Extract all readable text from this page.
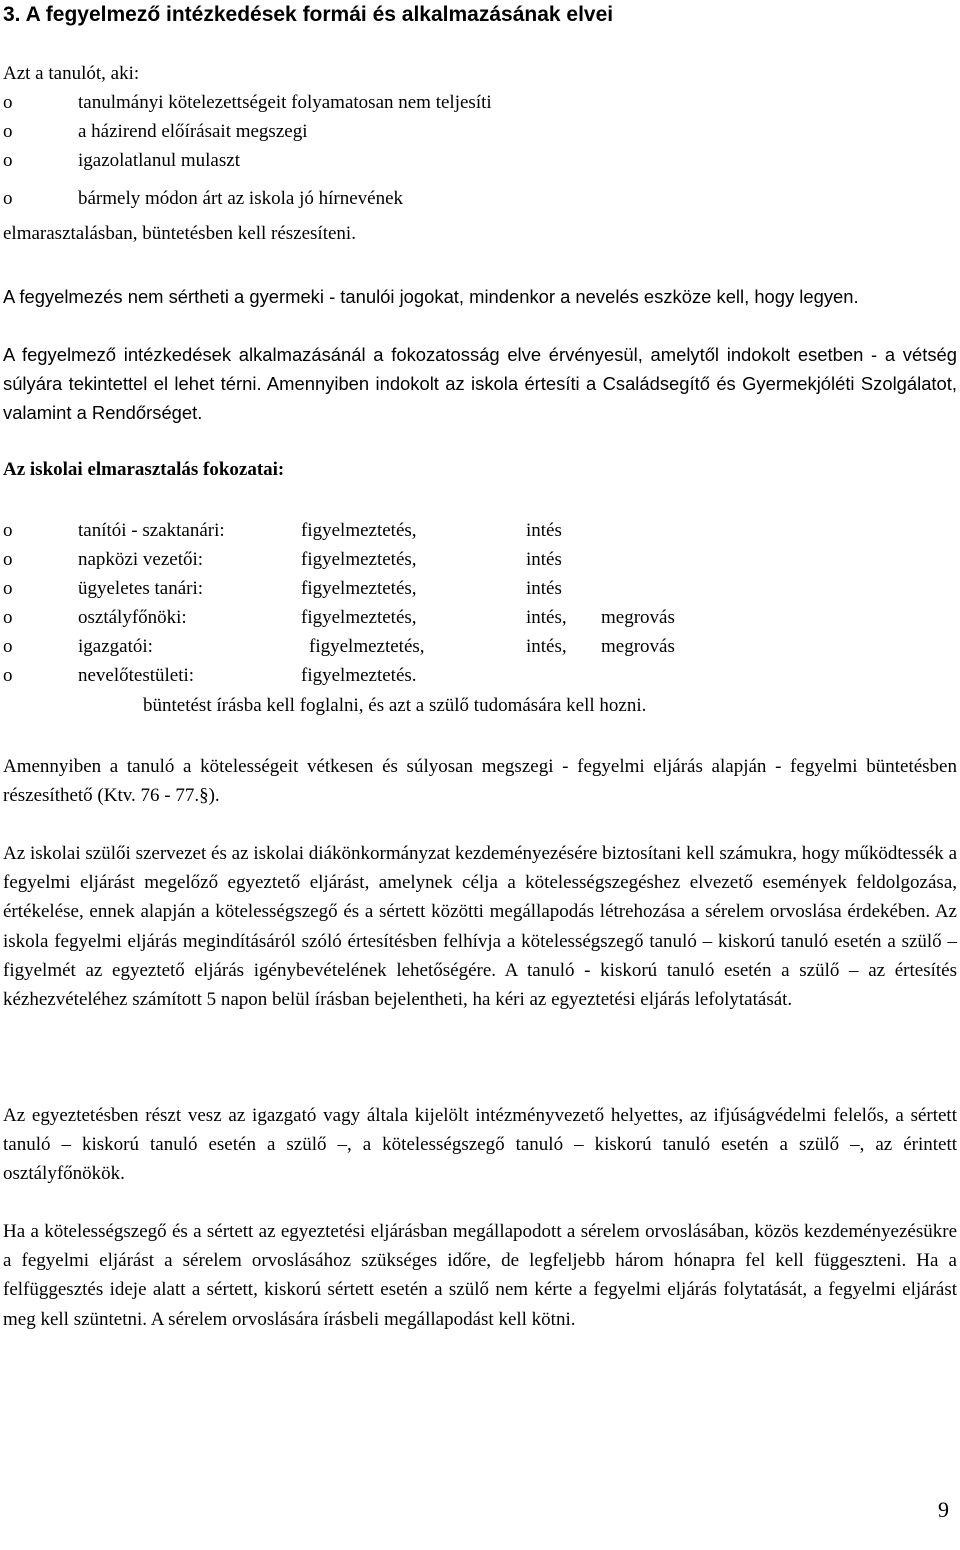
3. A fegyelmező intézkedések formái és alkalmazásának elvei
Azt a tanulót, aki:
o	tanulmányi kötelezettségeit folyamatosan nem teljesíti
o	a házirend előírásait megszegi
o	igazolatlanul mulaszt
o	bármely módon árt az iskola jó hírnevének
elmarasztalásban, büntetésben kell részesíteni.
A fegyelmezés nem sértheti a gyermeki - tanulói jogokat, mindenkor a nevelés eszköze kell, hogy legyen.
A fegyelmező intézkedések alkalmazásánál a fokozatosság elve érvényesül, amelytől indokolt esetben - a vétség súlyára tekintettel el lehet térni. Amennyiben indokolt az iskola értesíti a Családsegítő és Gyermekjóléti Szolgálatot, valamint a Rendőrséget.
Az iskolai elmarasztalás fokozatai:
o	tanítói - szaktanári:	figyelmeztetés,	intés
o	napközi vezetői:	figyelmeztetés,	intés
o	ügyeletes tanári:	figyelmeztetés,	intés
o	osztályfőnöki:	figyelmeztetés,	intés, megrovás
o	igazgatói:	figyelmeztetés,	intés, megrovás
o	nevelőtestületi:	figyelmeztetés.
büntetést írásba kell foglalni, és azt a szülő tudomására kell hozni.
Amennyiben a tanuló a kötelességeit vétkesen és súlyosan megszegi - fegyelmi eljárás alapján - fegyelmi büntetésben részesíthető (Ktv. 76 - 77.§).
Az iskolai szülői szervezet és az iskolai diákönkormányzat kezdeményezésére biztosítani kell számukra, hogy működtessék a fegyelmi eljárást megelőző egyeztető eljárást, amelynek célja a kötelességszegéshez elvezető események feldolgozása, értékelése, ennek alapján a kötelességszegő és a sértett közötti megállapodás létrehozása a sérelem orvoslása érdekében. Az iskola fegyelmi eljárás megindításáról szóló értesítésben felhívja a kötelességszegő tanuló – kiskorú tanuló esetén a szülő – figyelmét az egyeztető eljárás igénybevételének lehetőségére. A tanuló - kiskorú tanuló esetén a szülő – az értesítés kézhezvételéhez számított 5 napon belül írásban bejelentheti, ha kéri az egyeztetési eljárás lefolytatását.
Az egyeztetésben részt vesz az igazgató vagy általa kijelölt intézményvezető helyettes, az ifjúságvédelmi felelős, a sértett tanuló – kiskorú tanuló esetén a szülő –, a kötelességszegő tanuló – kiskorú tanuló esetén a szülő –, az érintett osztályfőnökök.
Ha a kötelességszegő és a sértett az egyeztetési eljárásban megállapodott a sérelem orvoslásában, közös kezdeményezésükre a fegyelmi eljárást a sérelem orvoslásához szükséges időre, de legfeljebb három hónapra fel kell függeszteni. Ha a felfüggesztés ideje alatt a sértett, kiskorú sértett esetén a szülő nem kérte a fegyelmi eljárás folytatását, a fegyelmi eljárást meg kell szüntetni. A sérelem orvoslására írásbeli megállapodást kell kötni.
9
